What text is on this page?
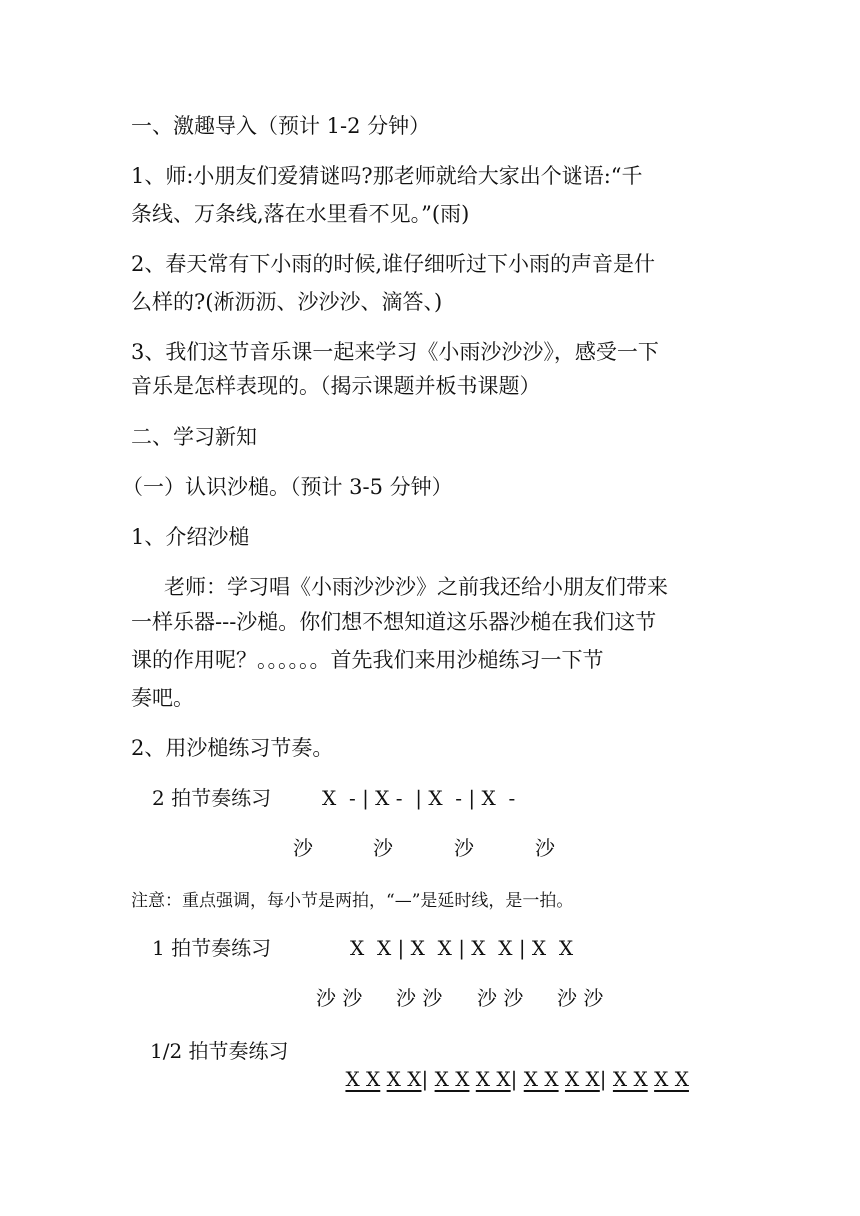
一、激趣导入（预计 1-2 分钟）
1、师:小朋友们爱猜谜吗?那老师就给大家出个谜语:“千
条线、万条线,落在水里看不见。”(雨)
2、春天常有下小雨的时候,谁仔细听过下小雨的声音是什
么样的?(淅沥沥、沙沙沙、滴答、)
3、我们这节音乐课一起来学习《小雨沙沙沙》，感受一下
音乐是怎样表现的。（揭示课题并板书课题）
二、学习新知
（一）认识沙槌。（预计 3-5 分钟）
1、介绍沙槌
老师：学习唱《小雨沙沙沙》之前我还给小朋友们带来
一样乐器---沙槌。你们想不想知道这乐器沙槌在我们这节
课的作用呢？。。。。。。首先我们来用沙槌练习一下节
奏吧。
2、用沙槌练习节奏。
2 拍节奏练习	X  - | X -  | X  - | X  -
沙	沙	沙	沙
注意：重点强调，每小节是两拍，“—”是延时线，是一拍。
1 拍节奏练习	X  X | X  X | X  X | X  X
沙 沙 沙 沙 沙 沙 沙 沙
1/2 拍节奏练习

X X X X| X X X X| X X X X| X X X X
